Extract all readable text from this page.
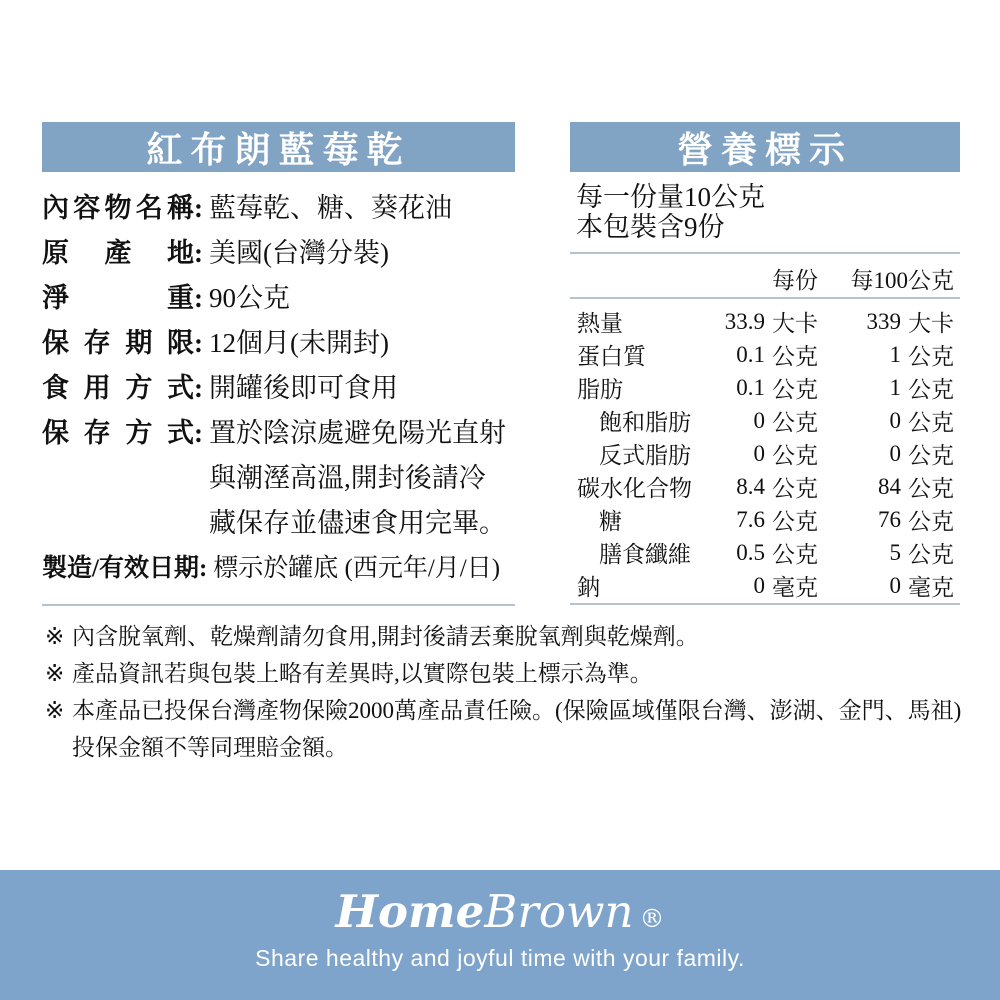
紅布朗藍莓乾	營養標示
內容物名稱 : 藍莓乾、糖、葵花油
原產地 : 美國(台灣分裝)
淨重 : 90公克
保存期限 : 12個月(未開封)
食用方式 : 開罐後即可食用
保存方式 : 置於陰涼處避免陽光直射
與潮溼高溫,開封後請冷
藏保存並儘速食用完畢。
製造/有效日期 : 標示於罐底 (西元年/月/日)
每一份量10公克
本包裝含9份
每份	每100公克
熱量	33.9 大卡	339 大卡
蛋白質	0.1 公克	1 公克
脂肪	0.1 公克	1 公克
飽和脂肪	0 公克	0 公克
反式脂肪	0 公克	0 公克
碳水化合物	8.4 公克	84 公克
糖	7.6 公克	76 公克
膳食纖維	0.5 公克	5 公克
鈉	0 毫克	0 毫克
※ 內含脫氧劑、乾燥劑請勿食用,開封後請丟棄脫氧劑與乾燥劑。
※ 產品資訊若與包裝上略有差異時,以實際包裝上標示為準。
※ 本產品已投保台灣產物保險2000萬產品責任險。(保險區域僅限台灣、澎湖、金門、馬祖)
投保金額不等同理賠金額。
HomeBrown ®
Share healthy and joyful time with your family.
